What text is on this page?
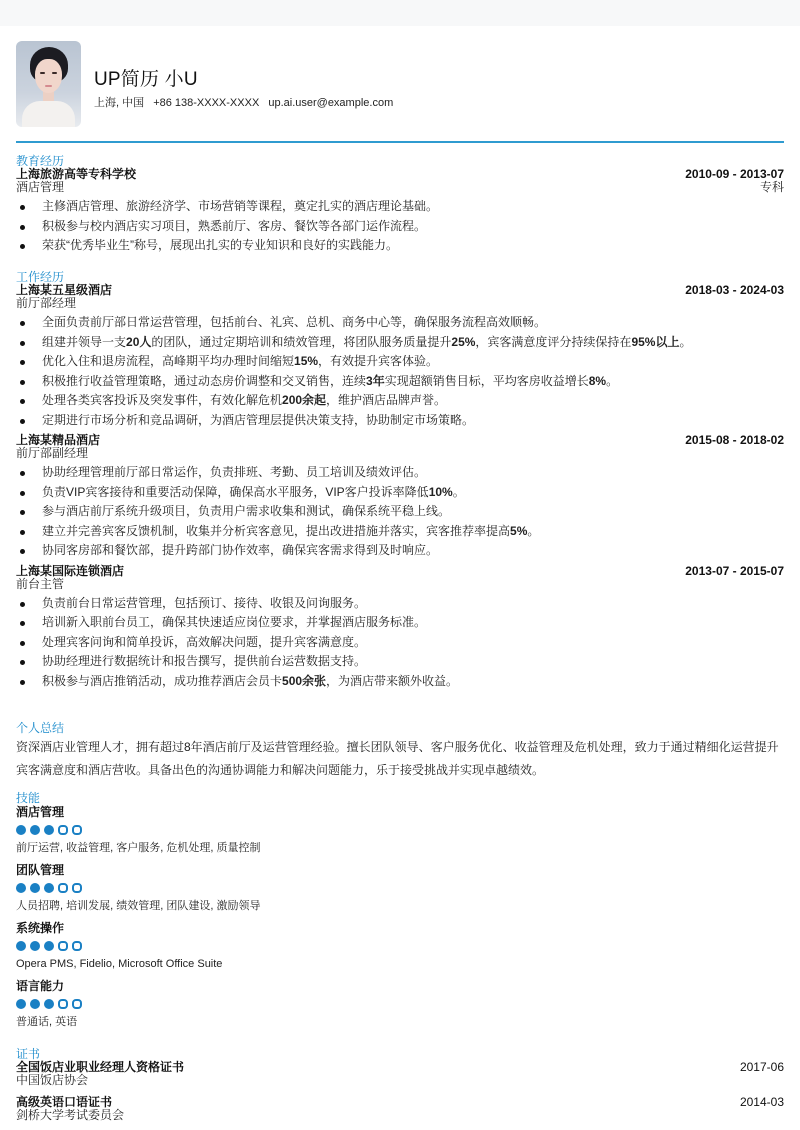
UP简历 小U
上海, 中国 +86 138-XXXX-XXXX up.ai.user@example.com
教育经历
上海旅游高等专科学校	2010-09 - 2013-07
酒店管理	专科
主修酒店管理、旅游经济学、市场营销等课程，奠定扎实的酒店理论基础。
积极参与校内酒店实习项目，熟悉前厅、客房、餐饮等各部门运作流程。
荣获“优秀毕业生”称号，展现出扎实的专业知识和良好的实践能力。
工作经历
上海某五星级酒店	2018-03 - 2024-03
前厅部经理
全面负责前厅部日常运营管理，包括前台、礼宾、总机、商务中心等，确保服务流程高效顺畅。
组建并领导一支20人的团队，通过定期培训和绩效管理，将团队服务质量提升25%，宾客满意度评分持续保持在95%以上。
优化入住和退房流程，高峰期平均办理时间缩短15%，有效提升宾客体验。
积极推行收益管理策略，通过动态房价调整和交叉销售，连续3年实现超额销售目标，平均客房收益增长8%。
处理各类宾客投诉及突发事件，有效化解危机200余起，维护酒店品牌声誉。
定期进行市场分析和竞品调研，为酒店管理层提供决策支持，协助制定市场策略。
上海某精品酒店	2015-08 - 2018-02
前厅部副经理
协助经理管理前厅部日常运作，负责排班、考勤、员工培训及绩效评估。
负责VIP宾客接待和重要活动保障，确保高水平服务，VIP客户投诉率降低10%。
参与酒店前厅系统升级项目，负责用户需求收集和测试，确保系统平稳上线。
建立并完善宾客反馈机制，收集并分析宾客意见，提出改进措施并落实，宾客推荐率提高5%。
协同客房部和餐饮部，提升跨部门协作效率，确保宾客需求得到及时响应。
上海某国际连锁酒店	2013-07 - 2015-07
前台主管
负责前台日常运营管理，包括预订、接待、收银及问询服务。
培训新入职前台员工，确保其快速适应岗位要求，并掌握酒店服务标准。
处理宾客问询和简单投诉，高效解决问题，提升宾客满意度。
协助经理进行数据统计和报告撰写，提供前台运营数据支持。
积极参与酒店推销活动，成功推荐酒店会员卡500余张，为酒店带来额外收益。
个人总结
资深酒店业管理人才，拥有超过8年酒店前厅及运营管理经验。擅长团队领导、客户服务优化、收益管理及危机处理，致力于通过精细化运营提升宾客满意度和酒店营收。具备出色的沟通协调能力和解决问题能力，乐于接受挑战并实现卓越绩效。
技能
酒店管理
前厅运营, 收益管理, 客户服务, 危机处理, 质量控制
团队管理
人员招聘, 培训发展, 绩效管理, 团队建设, 激励领导
系统操作
Opera PMS, Fidelio, Microsoft Office Suite
语言能力
普通话, 英语
证书
全国饭店业职业经理人资格证书	2017-06
中国饭店协会
高级英语口语证书	2014-03
剑桥大学考试委员会
